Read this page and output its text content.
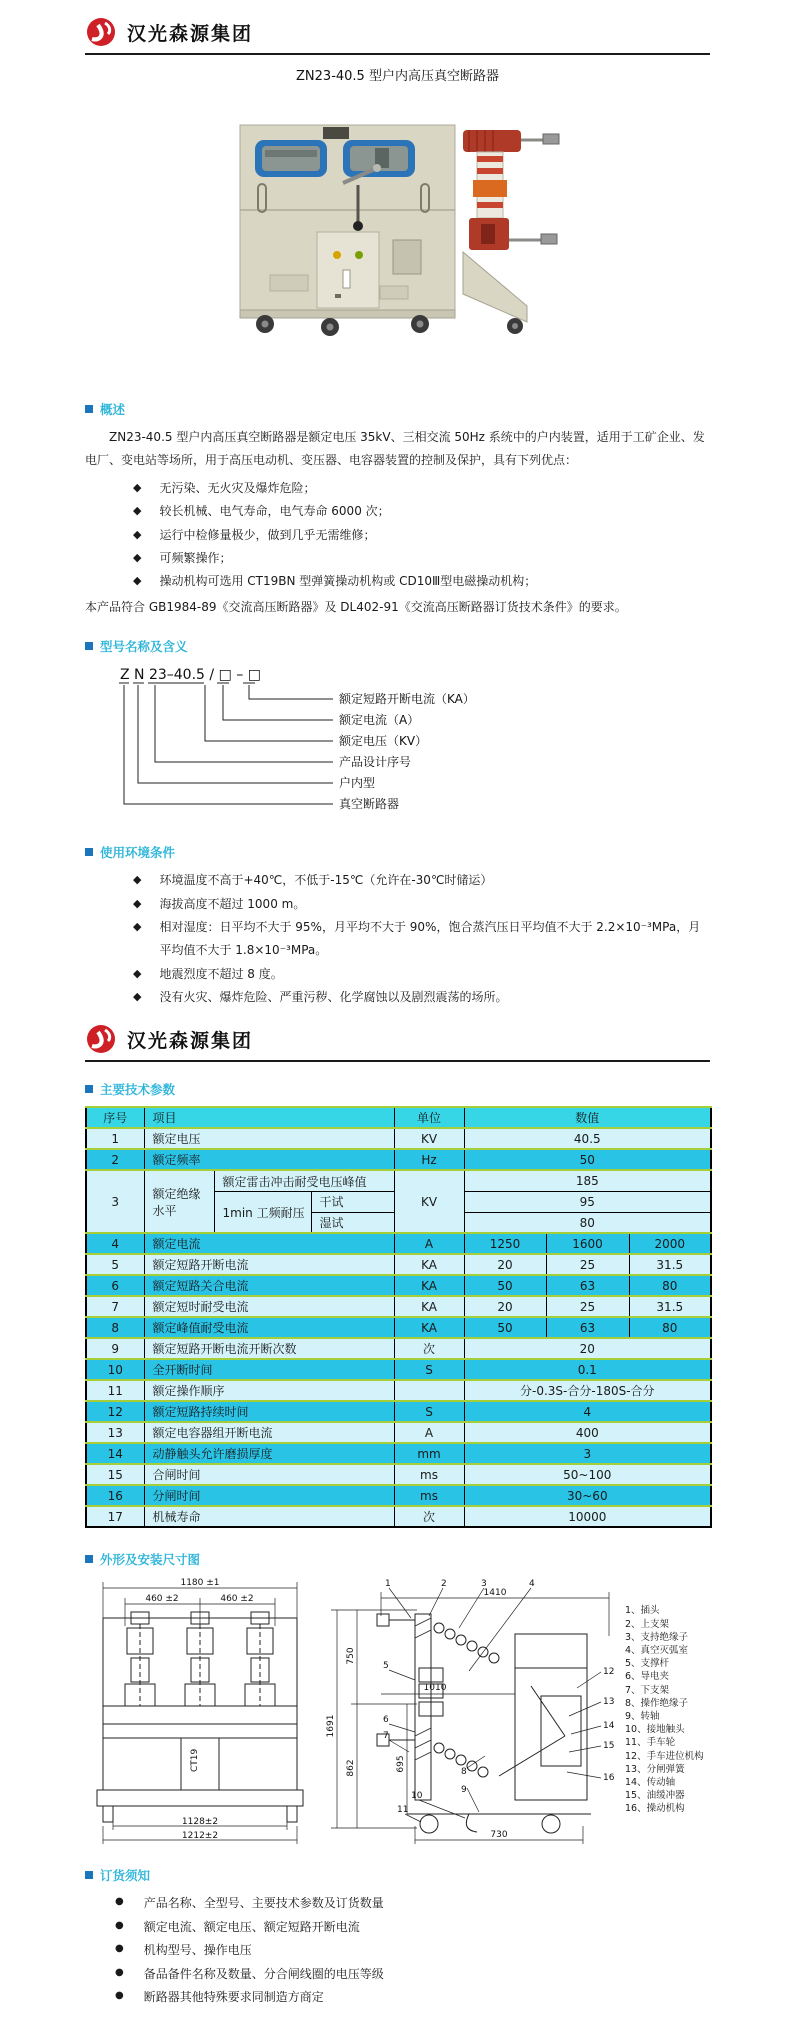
汉光森源集团
ZN23-40.5 型户内高压真空断路器
概述

ZN23-40.5 型户内高压真空断路器是额定电压 35kV、三相交流 50Hz 系统中的户内装置，适用于工矿企业、发电厂、变电站等场所，用于高压电动机、变压器、电容器装置的控制及保护，具有下列优点：

◆ 无污染、无火灾及爆炸危险；
◆ 较长机械、电气寿命，电气寿命 6000 次；
◆ 运行中检修量极少，做到几乎无需维修；
◆ 可频繁操作；
◆ 操动机构可选用 CT19BN 型弹簧操动机构或 CD10Ⅲ型电磁操动机构；

本产品符合 GB1984-89《交流高压断路器》及 DL402-91《交流高压断路器订货技术条件》的要求。

型号名称及含义
Z N 23–40.5 / □ – □
额定短路开断电流（KA）
额定电流（A）
额定电压（KV）
产品设计序号
户内型
真空断路器
使用环境条件
◆ 环境温度不高于+40℃，不低于-15℃（允许在-30℃时储运）
◆ 海拔高度不超过 1000 m。
◆ 相对湿度：日平均不大于 95%，月平均不大于 90%，饱合蒸汽压日平均值不大于 2.2×10⁻³MPa，月平均值不大于 1.8×10⁻³MPa。
◆ 地震烈度不超过 8 度。
◆ 没有火灾、爆炸危险、严重污秽、化学腐蚀以及剧烈震荡的场所。
汉光森源集团
主要技术参数
序号	项目			单位	数值		
1	额定电压			KV	40.5		
2	额定频率			Hz	50		
3	额定绝缘水平	额定雷击冲击耐受电压峰值		KV	185		
		1min 工频耐压	干试		95		
			湿试		80		
4	额定电流			A	1250	1600	2000
5	额定短路开断电流			KA	20	25	31.5
6	额定短路关合电流			KA	50	63	80
7	额定短时耐受电流			KA	20	25	31.5
8	额定峰值耐受电流			KA	50	63	80
9	额定短路开断电流开断次数			次	20		
10	全开断时间			S	0.1		
11	额定操作顺序				分-0.3S-合分-180S-合分		
12	额定短路持续时间			S	4		
13	额定电容器组开断电流			A	400		
14	动静触头允许磨损厚度			mm	3		
15	合闸时间			ms	50~100		
16	分闸时间			ms	30~60		
17	机械寿命			次	10000		
外形及安装尺寸图
1180 ±1
460 ±2	460 ±2
CT19
1128±2
1212±2
1	2	3	4
1410
1691
750
862
1010
695
730
5
6
7
8
9
10
11
12
13
14
15
16
1、插头
2、上支架
3、支持绝缘子
4、真空灭弧室
5、支撑杆
6、导电夹
7、下支架
8、操作绝缘子
9、转轴
10、接地触头
11、手车轮
12、手车进位机构
13、分闸弹簧
14、传动轴
15、油缓冲器
16、操动机构
订货须知
● 产品名称、全型号、主要技术参数及订货数量
● 额定电流、额定电压、额定短路开断电流
● 机构型号、操作电压
● 备品备件名称及数量、分合闸线圈的电压等级
● 断路器其他特殊要求同制造方商定
